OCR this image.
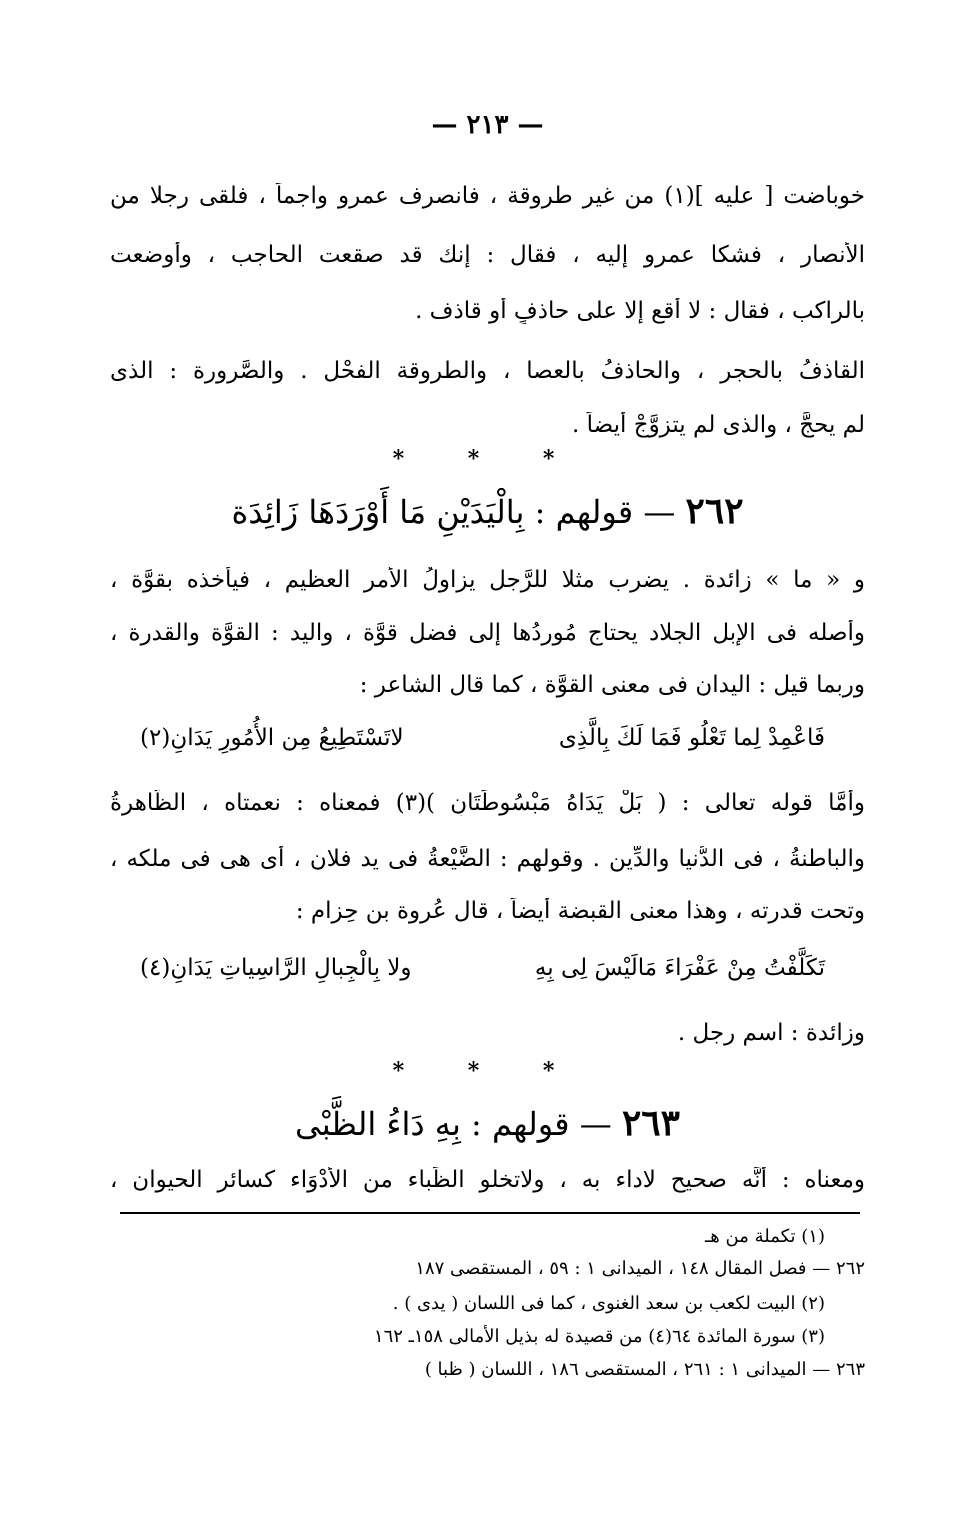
— ٢١٣ —
خوباضت [ عليه ](١) من غير طروقة ، فانصرف عمرو واجماً ، فلقى رجلا من
الأنصار ، فشكا عمرو إليه ، فقال : إنك قد صقعت الحاجب ، وأوضعت
بالراكب ، فقال : لا أقع إلا على حاذفٍ أو قاذف .
القاذفُ بالحجر ، والحاذفُ بالعصا ، والطروقة الفحْل . والصَّرورة : الذى
لم يحجَّ ، والذى لم يتزوَّجْ أيضاً .
* * *
٢٦٢ — قولهم : بِالْيَدَيْنِ مَا أَوْرَدَهَا زَائِدَة
و « ما » زائدة . يضرب مثلا للرَّجل يزاولُ الأمر العظيم ، فيأخذه بقوَّة ،
وأصله فى الإبل الجلاد يحتاج مُوردُها إلى فضل قوَّة ، واليد : القوَّة والقدرة ،
وربما قيل : اليدان فى معنى القوَّة ، كما قال الشاعر :
فَاعْمِدْ لِما تَعْلُو فَمَا لَكَ بِالَّذِى
لاتَسْتَطِيعُ مِن الأُمُورِ يَدَانِ(٢)
وأمَّا قوله تعالى : ( بَلْ يَدَاهُ مَبْسُوطَتَانِ )(٣) فمعناه : نعمتاه ، الظَّاهرةُ
والباطنةُ ، فى الدُّنيا والدِّين . وقولهم : الضَّيْعةُ فى يد فلان ، أى هى فى ملكه ،
وتحت قدرته ، وهذا معنى القبضة أيضاً ، قال عُروة بن حِزام :
تَكَلَّفْتُ مِنْ عَفْرَاءَ مَالَيْسَ لِى بِهِ
ولا بِالْجِبالِ الرَّاسِياتِ يَدَانِ(٤)
وزائدة : اسم رجل .
* * *
٢٦٣ — قولهم : بِهِ دَاءُ الظَّبْى
ومعناه : أنَّه صحيح لاداء به ، ولاتخلو الظِّباء من الأدْوَاء كسائر الحيوان ،
(١) تكملة من هـ
٢٦٢ — فصل المقال ١٤٨ ، الميدانى ١ : ٥٩ ، المستقصى ١٨٧
(٢) البيت لكعب بن سعد الغنوى ، كما فى اللسان ( يدى ) .
(٣) سورة المائدة ٦٤(٤) من قصيدة له بذيل الأمالى ١٥٨ـ ١٦٢
٢٦٣ — الميدانى ١ : ٢٦١ ، المستقصى ١٨٦ ، اللسان ( ظبا )
